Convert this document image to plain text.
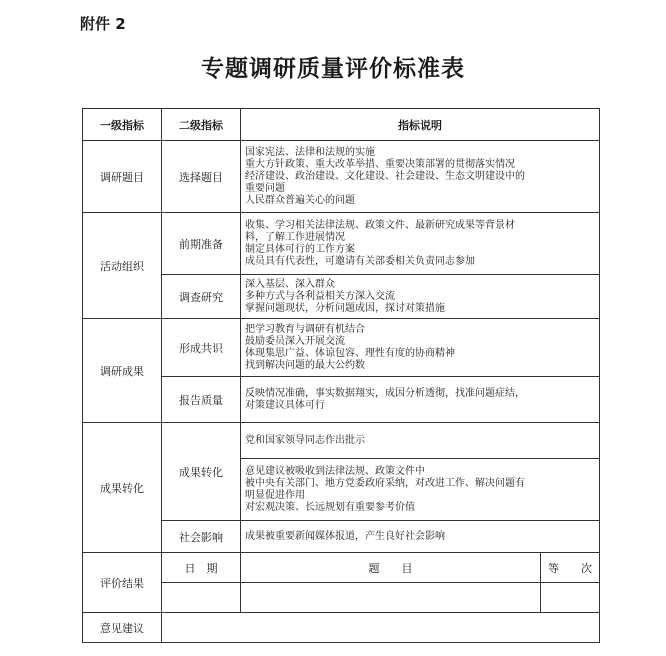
附件 2
专题调研质量评价标准表
一级指标	二级指标	指标说明	
调研题目	选择题目	国家宪法、法律和法规的实施
重大方针政策、重大改革举措、重要决策部署的贯彻落实情况
经济建设、政治建设、文化建设、社会建设、生态文明建设中的
重要问题
人民群众普遍关心的问题	

活动组织	前期准备	收集、学习相关法律法规、政策文件、最新研究成果等背景材
料，了解工作进展情况
制定具体可行的工作方案
成员具有代表性，可邀请有关部委相关负责同志参加	

	调查研究	深入基层、深入群众
多种方式与各利益相关方深入交流
掌握问题现状，分析问题成因，探讨对策措施	

调研成果	形成共识	把学习教育与调研有机结合
鼓励委员深入开展交流
体现集思广益、体谅包容、理性有度的协商精神
找到解决问题的最大公约数	

	报告质量	反映情况准确，事实数据翔实，成因分析透彻，找准问题症结，
对策建议具体可行	

成果转化	成果转化	党和国家领导同志作出批示	

		意见建议被吸收到法律法规、政策文件中
被中央有关部门、地方党委政府采纳，对改进工作、解决问题有
明显促进作用
对宏观决策、长远规划有重要参考价值	

	社会影响	成果被重要新闻媒体报道，产生良好社会影响	

评价结果	日　期	题　　目	等　　次

意见建议			
